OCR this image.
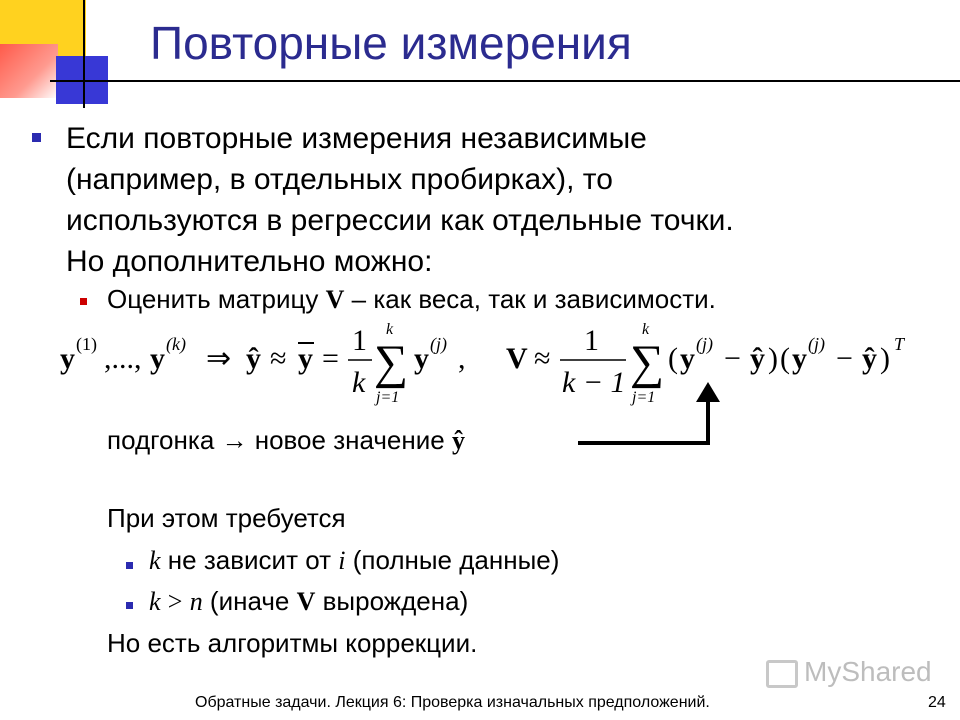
Повторные измерения
Если повторные измерения независимые
(например, в отдельных пробирках), то
используются в регрессии как отдельные точки.
Но дополнительно можно:
Оценить матрицу V – как веса, так и зависимости.
y (1) ,..., y (k) ⇒ ŷ ≈ y =
1
k ∑
k
j=1
y (j) , V ≈
1
k − 1 ∑
k
j=1
( y (j) − ŷ ) ( y (j) − ŷ ) T
подгонка → новое значение ŷ
При этом требуется
k не зависит от i (полные данные)
k > n (иначе V вырождена)
Но есть алгоритмы коррекции.
MyShared
Обратные задачи. Лекция 6: Проверка изначальных предположений.	24
